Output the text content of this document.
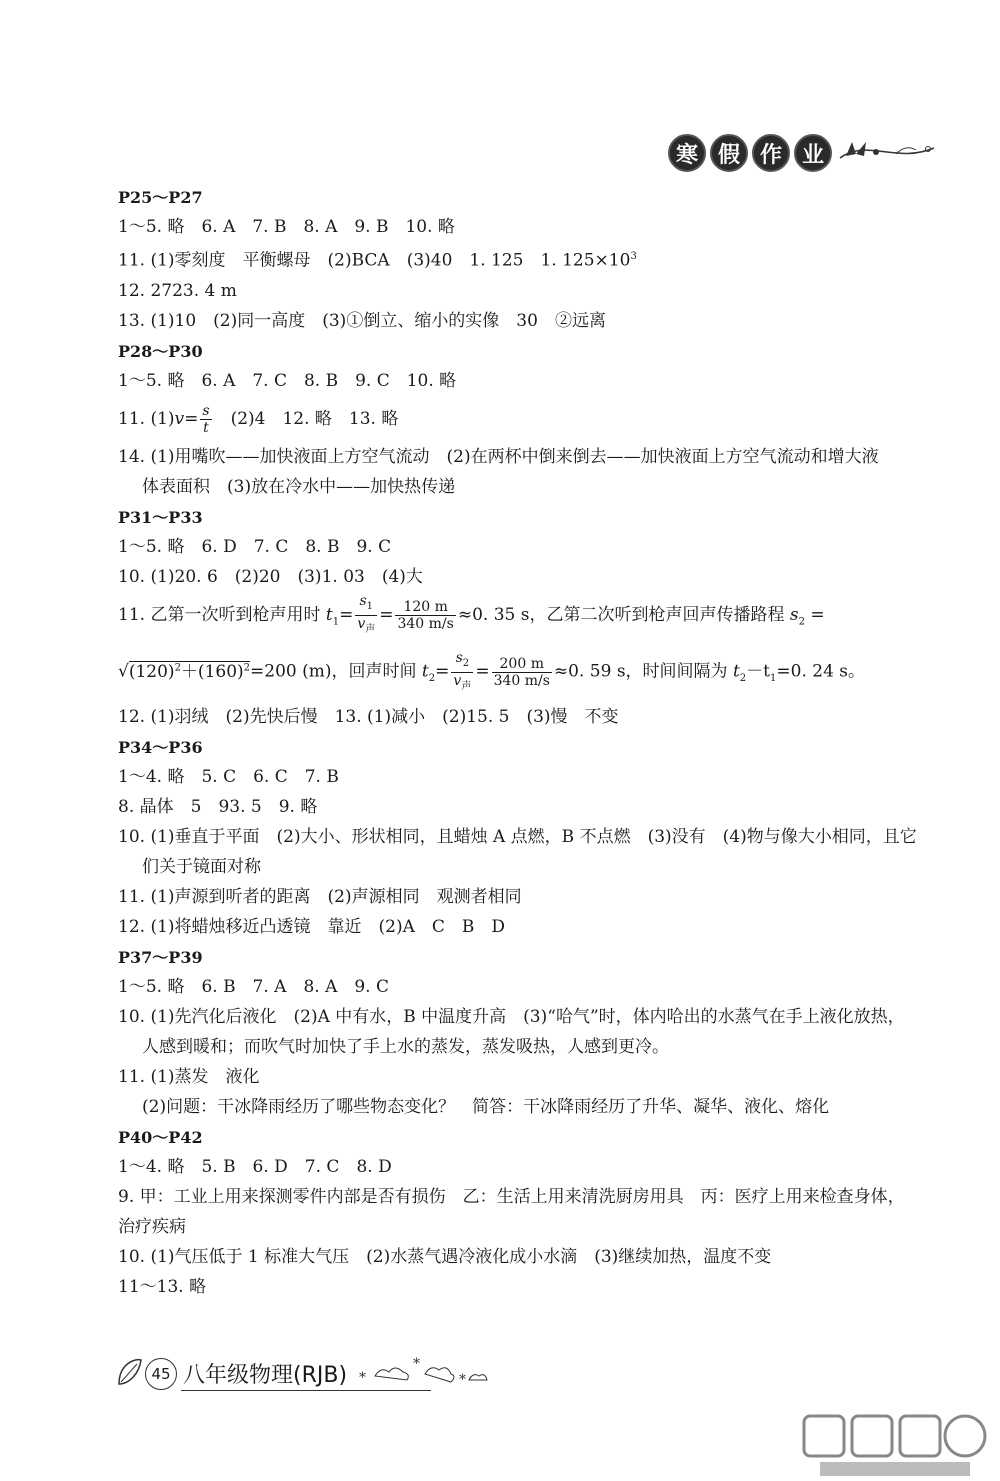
寒 假 作 业
P25～P27
1～5. 略　6. A　7. B　8. A　9. B　10. 略
11. (1)零刻度　平衡螺母　(2)BCA　(3)40　1. 125　1. $125\times 10^3$
12. 2723. 4 m
13. (1)10　(2)同一高度　(3)①倒立、缩小的实像　30　②远离
P28～P30
1～5. 略　6. A　7. C　8. B　9. C　10. 略
11. $(1)v= \frac{s}{t}$ 　(2)4　12. 略　13. 略
14. (1)用嘴吹——加快液面上方空气流动　(2)在两杯中倒来倒去——加快液面上方空气流动和增大液
体表面积　(3)放在冷水中——加快热传递
P31～P33
1～5. 略　6. D　7. C　8. B　9. C
10. (1)20. 6　(2)20　(3)1. 03　(4)大
11. 乙第一次听到枪声用时 $t_1= \frac{s_1}{v_声} = \frac{120 m}{340 m/s} \approx 0$. 35 s，乙第二次听到枪声回声传播路程 $s_2$ =
$√(120)^2+(160)^2=200$ (m)，回声时间 $t_2= \frac{s_2}{v_声} = \frac{200 m}{340 m/s} \approx 0$. 59 s，时间间隔为 $t_2-t_1=0$. 24 s。
12. (1)羽绒　(2)先快后慢　13. (1)减小　(2)15. 5　(3)慢　不变
P34～P36
1～4. 略　5. C　6. C　7. B
8. 晶体　5　93. 5　9. 略
10. (1)垂直于平面　(2)大小、形状相同，且蜡烛 A 点燃，B 不点燃　(3)没有　(4)物与像大小相同，且它
们关于镜面对称
11. (1)声源到听者的距离　(2)声源相同　观测者相同
12. (1)将蜡烛移近凸透镜　靠近　(2)A　C　B　D
P37～P39
1～5. 略　6. B　7. A　8. A　9. C
10. (1)先汽化后液化　(2)A 中有水，B 中温度升高　(3)“哈气”时，体内哈出的水蒸气在手上液化放热，
人感到暖和；而吹气时加快了手上水的蒸发，蒸发吸热，人感到更冷。
11. (1)蒸发　液化
(2)问题：干冰降雨经历了哪些物态变化？　简答：干冰降雨经历了升华、凝华、液化、熔化
P40～P42
1～4. 略　5. B　6. D　7. C　8. D
9. 甲：工业上用来探测零件内部是否有损伤　乙：生活上用来清洗厨房用具　丙：医疗上用来检查身体，
治疗疾病
10. (1)气压低于 1 标准大气压　(2)水蒸气遇冷液化成小水滴　(3)继续加热，温度不变
11～13. 略
45 八年级物理(RJB) *
*
*
